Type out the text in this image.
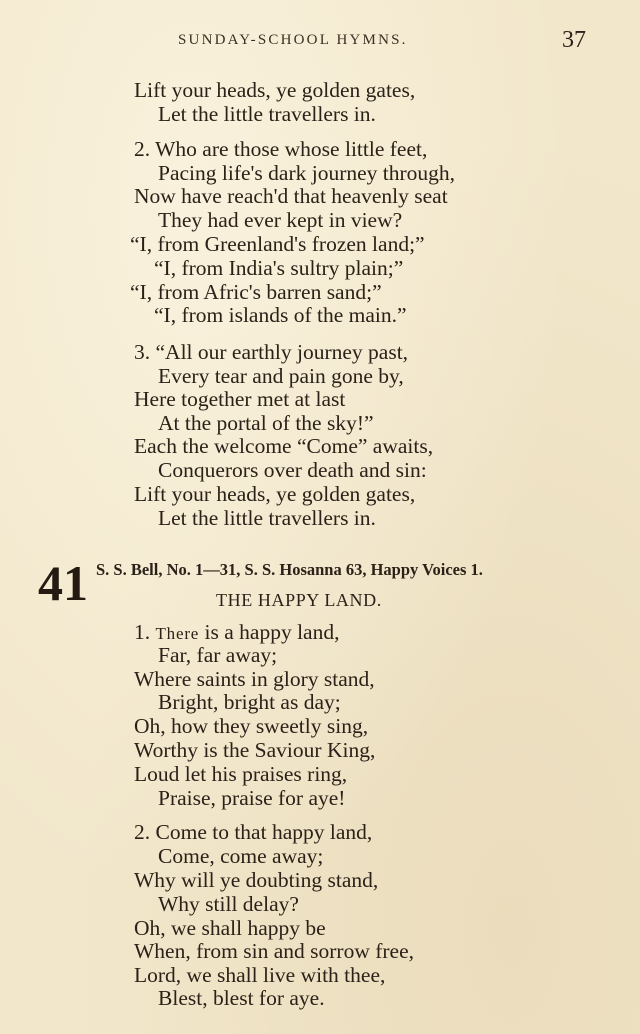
SUNDAY-SCHOOL HYMNS.	37
Lift your heads, ye golden gates,
Let the little travellers in.
2. Who are those whose little feet,
Pacing life's dark journey through,
Now have reach'd that heavenly seat
They had ever kept in view?
“I, from Greenland's frozen land;”
“I, from India's sultry plain;”
“I, from Afric's barren sand;”
“I, from islands of the main.”
3. “All our earthly journey past,
Every tear and pain gone by,
Here together met at last
At the portal of the sky!”
Each the welcome “Come” awaits,
Conquerors over death and sin:
Lift your heads, ye golden gates,
Let the little travellers in.
41 S. S. Bell, No. 1—31, S. S. Hosanna 63, Happy Voices 1.
THE HAPPY LAND.
1. There is a happy land,
Far, far away;
Where saints in glory stand,
Bright, bright as day;
Oh, how they sweetly sing,
Worthy is the Saviour King,
Loud let his praises ring,
Praise, praise for aye!
2. Come to that happy land,
Come, come away;
Why will ye doubting stand,
Why still delay?
Oh, we shall happy be
When, from sin and sorrow free,
Lord, we shall live with thee,
Blest, blest for aye.
